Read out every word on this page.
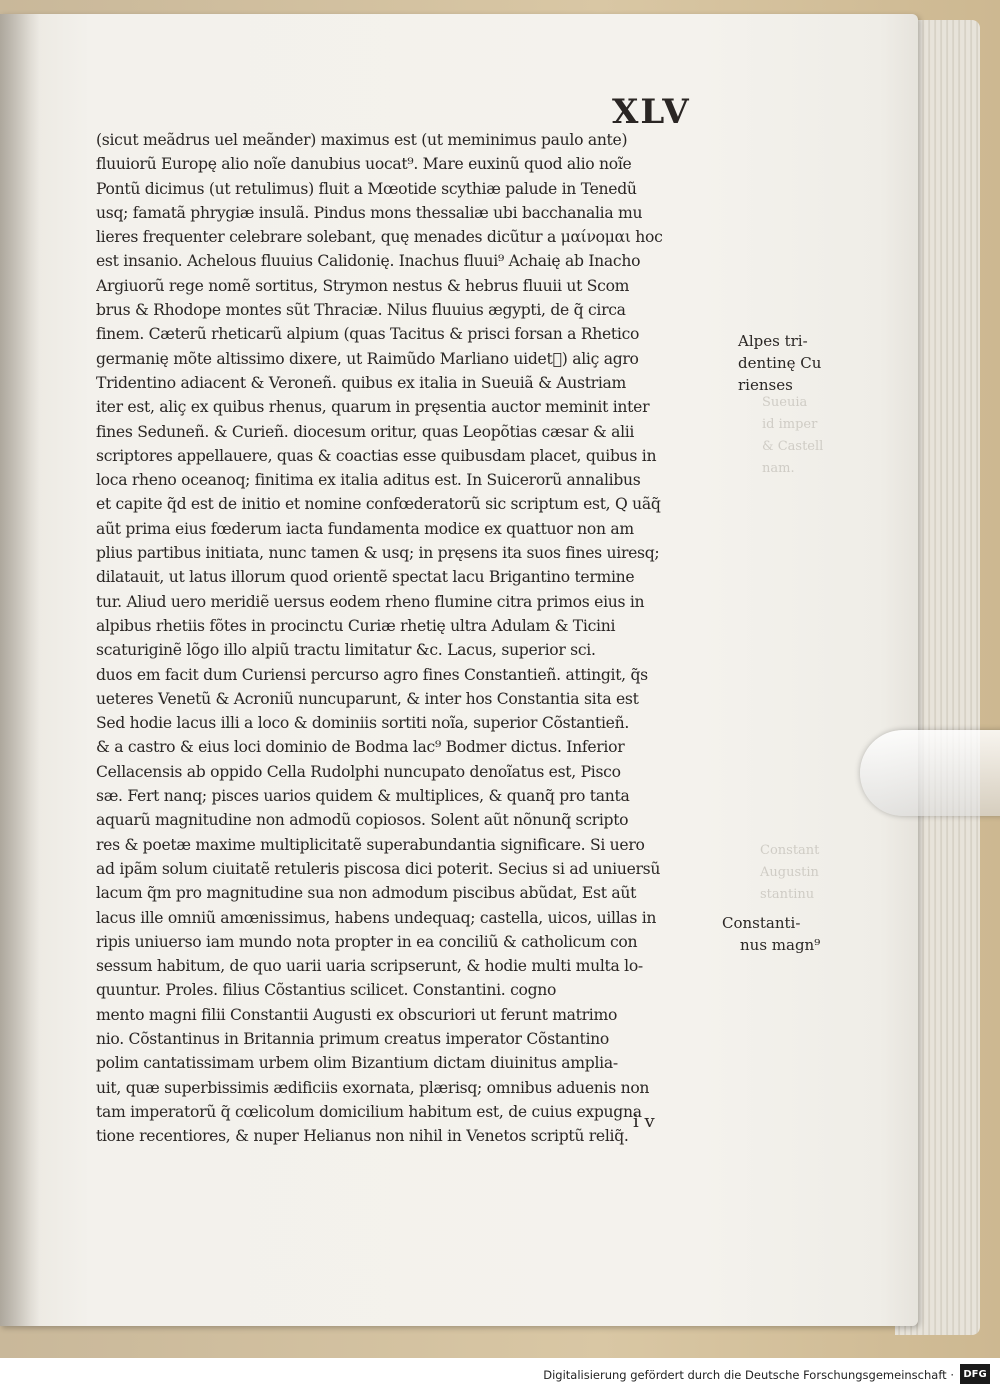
XLV
(sicut meãdrus uel meãnder) maximus est (ut meminimus paulo ante)
fluuiorũ Europę alio noĩe danubius uocat⁹. Mare euxinũ quod alio noĩe
Pontũ dicimus (ut retulimus) fluit a Mœotide scythiæ palude in Tenedũ
usq; famatã phrygiæ insulã. Pindus mons thessaliæ ubi bacchanalia mu
lieres frequenter celebrare solebant, quę menades dicũtur a μαίνομαι hoc
est insanio. Achelous fluuius Calidonię. Inachus fluui⁹ Achaię ab Inacho
Argiuorũ rege nomẽ sortitus, Strymon nestus & hebrus fluuii ut Scom
brus & Rhodope montes sũt Thraciæ. Nilus fluuius ægypti, de q̃ circa
finem. Cæterũ rheticarũ alpium (quas Tacitus & prisci forsan a Rhetico
germanię mõte altissimo dixere, ut Raimũdo Marliano uidetᷓ) aliç agro
Tridentino adiacent & Veroneñ. quibus ex italia in Sueuiã & Austriam
iter est, aliç ex quibus rhenus, quarum in pręsentia auctor meminit inter
fines Seduneñ. & Curieñ. diocesum oritur, quas Leopõtias cæsar & alii
scriptores appellauere, quas & coactias esse quibusdam placet, quibus in
loca rheno oceanoq; finitima ex italia aditus est. In Suicerorũ annalibus
et capite q̃d est de initio et nomine confœderatorũ sic scriptum est, Q uãq̃
aũt prima eius fœderum iacta fundamenta modice ex quattuor non am
plius partibus initiata, nunc tamen & usq; in pręsens ita suos fines uiresq;
dilatauit, ut latus illorum quod orientẽ spectat lacu Brigantino termine
tur. Aliud uero meridiẽ uersus eodem rheno flumine citra primos eius in
alpibus rhetiis fõtes in procinctu Curiæ rhetię ultra Adulam & Ticini
scaturiginẽ lõgo illo alpiũ tractu limitatur &c. Lacus, superior sci.
duos em facit dum Curiensi percurso agro fines Constantieñ. attingit, q̃s
ueteres Venetũ & Acroniũ nuncuparunt, & inter hos Constantia sita est
Sed hodie lacus illi a loco & dominiis sortiti noĩa, superior Cõstantieñ.
& a castro & eius loci dominio de Bodma lac⁹ Bodmer dictus. Inferior
Cellacensis ab oppido Cella Rudolphi nuncupato denoĩatus est, Pisco
sæ. Fert nanq; pisces uarios quidem & multiplices, & quanq̃ pro tanta
aquarũ magnitudine non admodũ copiosos. Solent aũt nõnunq̃ scripto
res & poetæ maxime multiplicitatẽ superabundantia significare. Si uero
ad ipãm solum ciuitatẽ retuleris piscosa dici poterit. Secius si ad uniuersũ
lacum q̃m pro magnitudine sua non admodum piscibus abũdat, Est aũt
lacus ille omniũ amœnissimus, habens undequaq; castella, uicos, uillas in
ripis uniuerso iam mundo nota propter in ea conciliũ & catholicum con
sessum habitum, de quo uarii uaria scripserunt, & hodie multi multa lo-
quuntur. Proles. filius Cõstantius scilicet. Constantini. cogno
mento magni filii Constantii Augusti ex obscuriori ut ferunt matrimo
nio. Cõstantinus in Britannia primum creatus imperator Cõstantino
polim cantatissimam urbem olim Bizantium dictam diuinitus amplia-
uit, quæ superbissimis ædificiis exornata, plærisq; omnibus aduenis non
tam imperatorũ q̃ cœlicolum domicilium habitum est, de cuius expugna
tione recentiores, & nuper Helianus non nihil in Venetos scriptũ reliq̃.
Alpes tri-
dentinę Cu
rienses
Constanti-
nus magn⁹
Sueuia
id imper
& Castell
nam.
Constant
Augustin
stantinu
i v
Digitalisierung gefördert durch die Deutsche Forschungsgemeinschaft · DFG
